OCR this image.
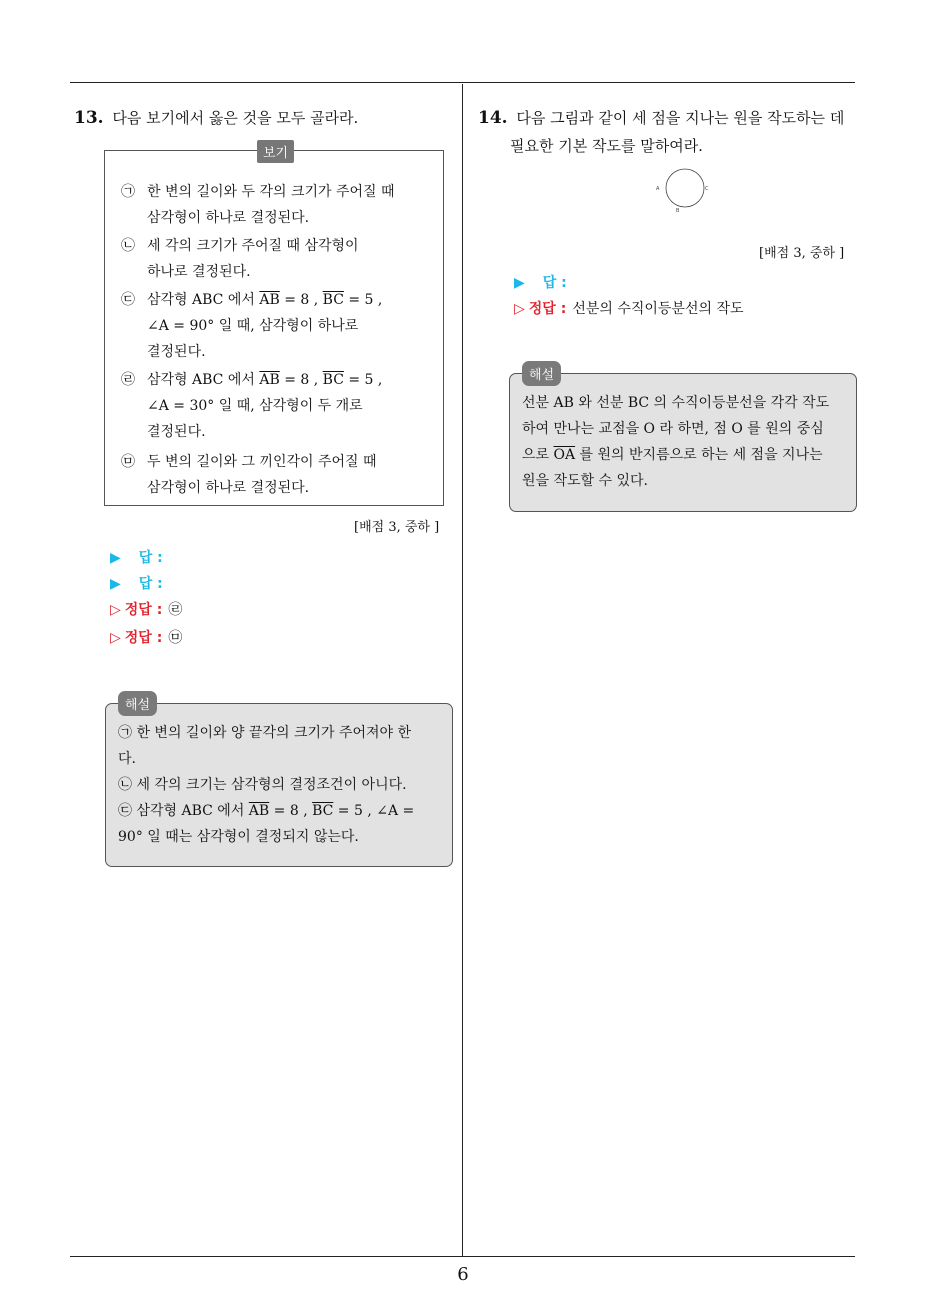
6
13. 다음 보기에서 옳은 것을 모두 골라라.
보기
㉠ 한 변의 길이와 두 각의 크기가 주어질 때
삼각형이 하나로 결정된다.
㉡ 세 각의 크기가 주어질 때 삼각형이
하나로 결정된다.
㉢ 삼각형 ABC 에서 $\overline{AB} = 8$ , $\overline{BC} = 5$ ,
∠A = 90° 일 때, 삼각형이 하나로
결정된다.
㉣ 삼각형 ABC 에서 $\overline{AB} = 8$ , $\overline{BC} = 5$ ,
∠A = 30° 일 때, 삼각형이 두 개로
결정된다.
㉤ 두 변의 길이와 그 끼인각이 주어질 때
삼각형이 하나로 결정된다.
[배점 3, 중하 ]
▶ 답 :
▶ 답 :
▷ 정답 : ㉣
▷ 정답 : ㉤
해설
㉠ 한 변의 길이와 양 끝각의 크기가 주어져야 한
다.
㉡ 세 각의 크기는 삼각형의 결정조건이 아니다.
㉢ 삼각형 ABC 에서 $\overline{AB} = 8$ , $\overline{BC} = 5$ , ∠A =
90° 일 때는 삼각형이 결정되지 않는다.
14. 다음 그림과 같이 세 점을 지나는 원을 작도하는 데
필요한 기본 작도를 말하여라.
A	C
B
[배점 3, 중하 ]
▶ 답 :
▷ 정답 : 선분의 수직이등분선의 작도
해설
선분 AB 와 선분 BC 의 수직이등분선을 각각 작도
하여 만나는 교점을 O 라 하면, 점 O 를 원의 중심
으로 $\overline{OA}$ 를 원의 반지름으로 하는 세 점을 지나는
원을 작도할 수 있다.
